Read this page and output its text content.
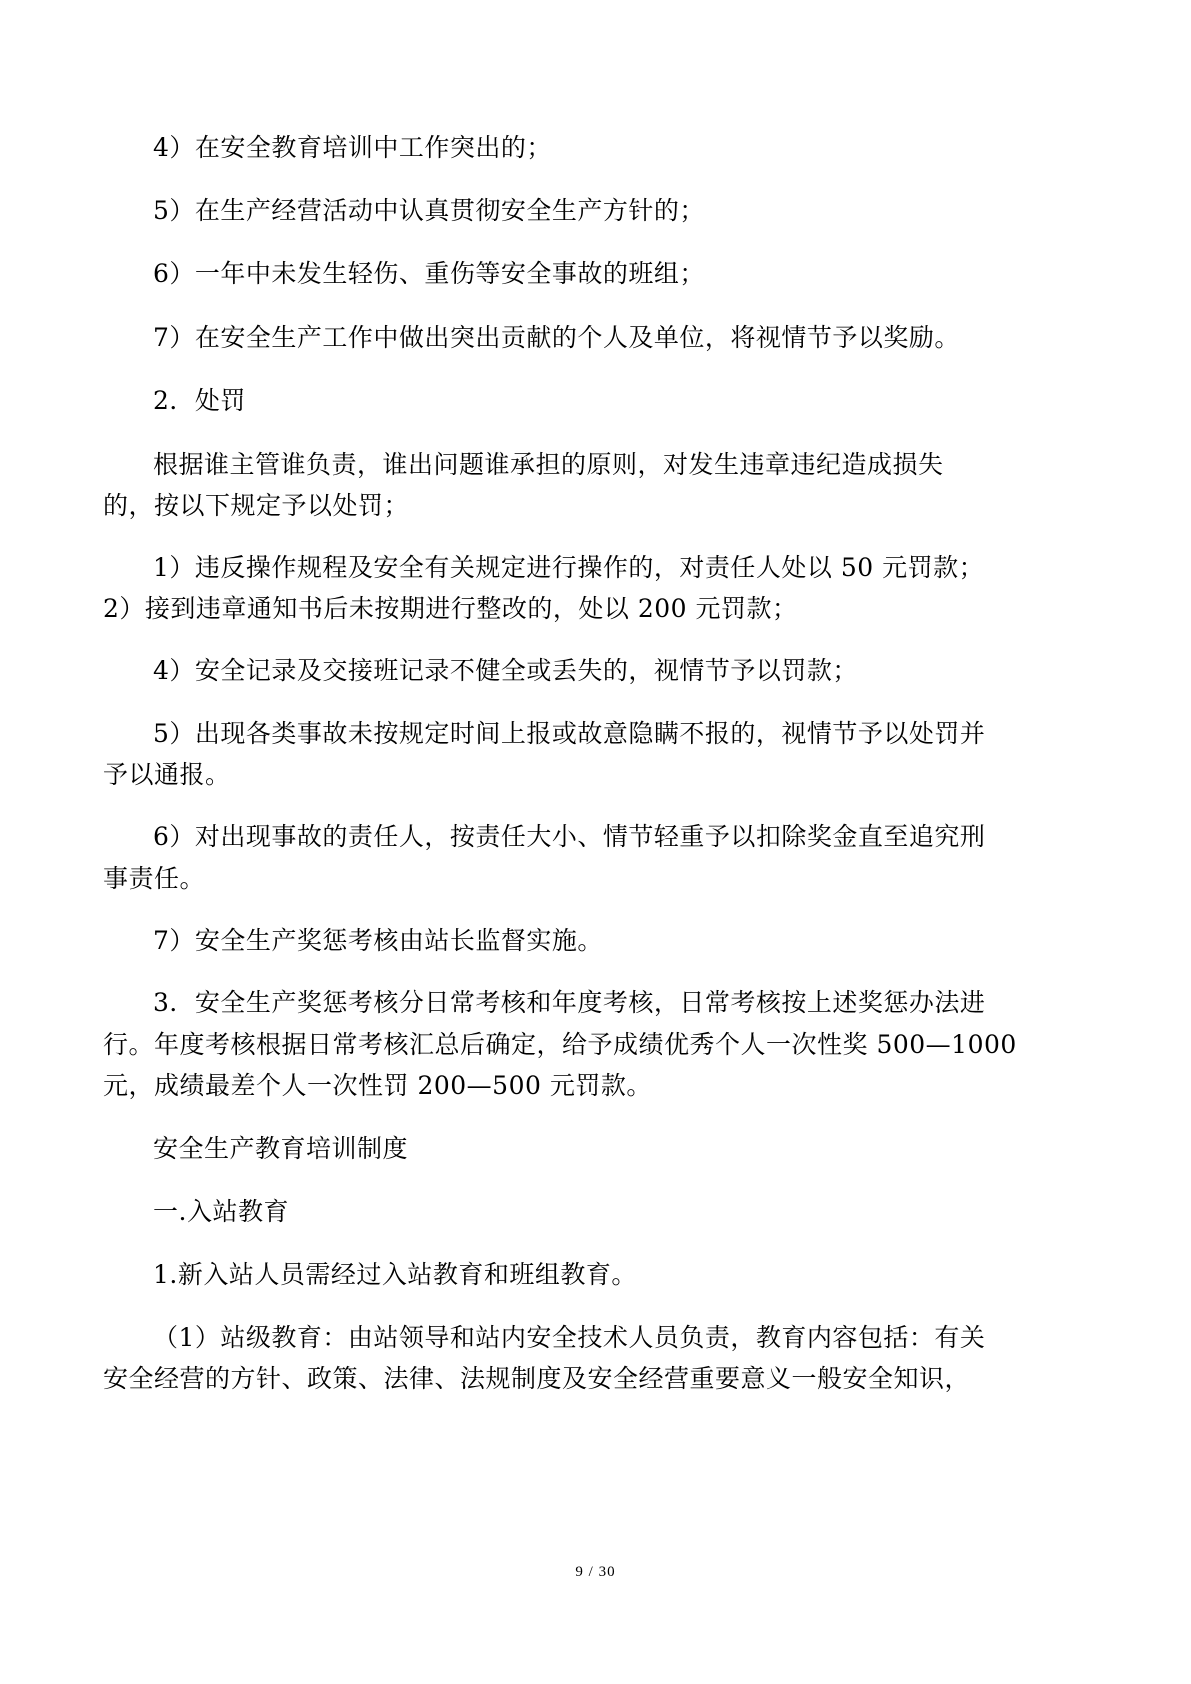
4）在安全教育培训中工作突出的；
5）在生产经营活动中认真贯彻安全生产方针的；
6）一年中未发生轻伤、重伤等安全事故的班组；
7）在安全生产工作中做出突出贡献的个人及单位，将视情节予以奖励。
2．处罚
根据谁主管谁负责，谁出问题谁承担的原则，对发生违章违纪造成损失
的，按以下规定予以处罚；
1）违反操作规程及安全有关规定进行操作的，对责任人处以 50 元罚款；
2）接到违章通知书后未按期进行整改的，处以 200 元罚款；
4）安全记录及交接班记录不健全或丢失的，视情节予以罚款；
5）出现各类事故未按规定时间上报或故意隐瞒不报的，视情节予以处罚并
予以通报。
6）对出现事故的责任人，按责任大小、情节轻重予以扣除奖金直至追究刑
事责任。
7）安全生产奖惩考核由站长监督实施。
3．安全生产奖惩考核分日常考核和年度考核，日常考核按上述奖惩办法进
行。年度考核根据日常考核汇总后确定，给予成绩优秀个人一次性奖 500—1000
元，成绩最差个人一次性罚 200—500 元罚款。
安全生产教育培训制度
一.入站教育
1.新入站人员需经过入站教育和班组教育。
（1）站级教育：由站领导和站内安全技术人员负责，教育内容包括：有关
安全经营的方针、政策、法律、法规制度及安全经营重要意义一般安全知识，
9 / 30
